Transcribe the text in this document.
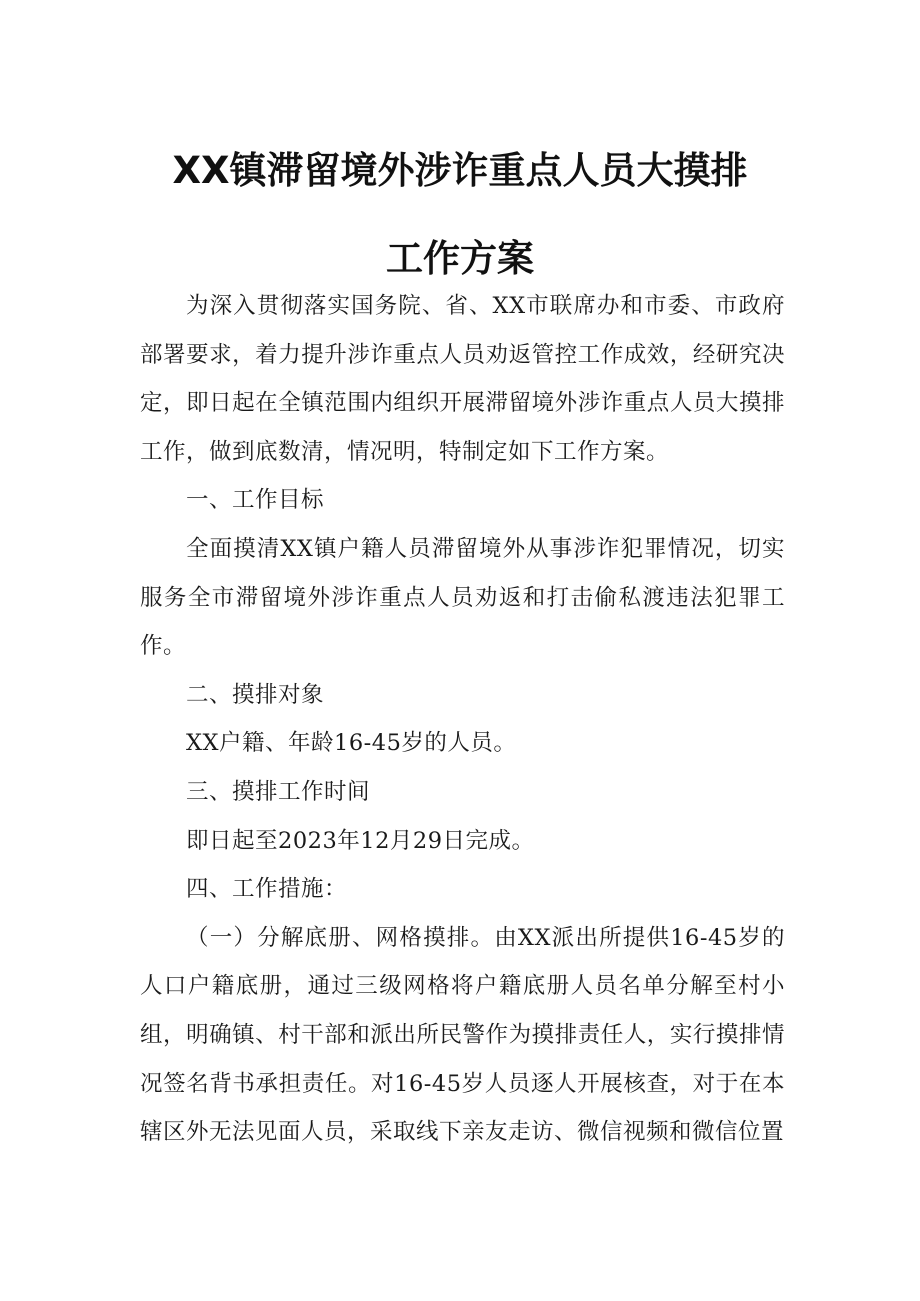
XX镇滞留境外涉诈重点人员大摸排
工作方案

为深入贯彻落实国务院、省、XX市联席办和市委、市政府部署要求，着力提升涉诈重点人员劝返管控工作成效，经研究决定，即日起在全镇范围内组织开展滞留境外涉诈重点人员大摸排工作，做到底数清，情况明，特制定如下工作方案。

一、工作目标

全面摸清XX镇户籍人员滞留境外从事涉诈犯罪情况，切实服务全市滞留境外涉诈重点人员劝返和打击偷私渡违法犯罪工作。

二、摸排对象

XX户籍、年龄16-45岁的人员。

三、摸排工作时间

即日起至2023年12月29日完成。

四、工作措施：

（一）分解底册、网格摸排。由XX派出所提供16-45岁的人口户籍底册，通过三级网格将户籍底册人员名单分解至村小组，明确镇、村干部和派出所民警作为摸排责任人，实行摸排情况签名背书承担责任。对16-45岁人员逐人开展核查，对于在本辖区外无法见面人员，采取线下亲友走访、微信视频和微信位置
